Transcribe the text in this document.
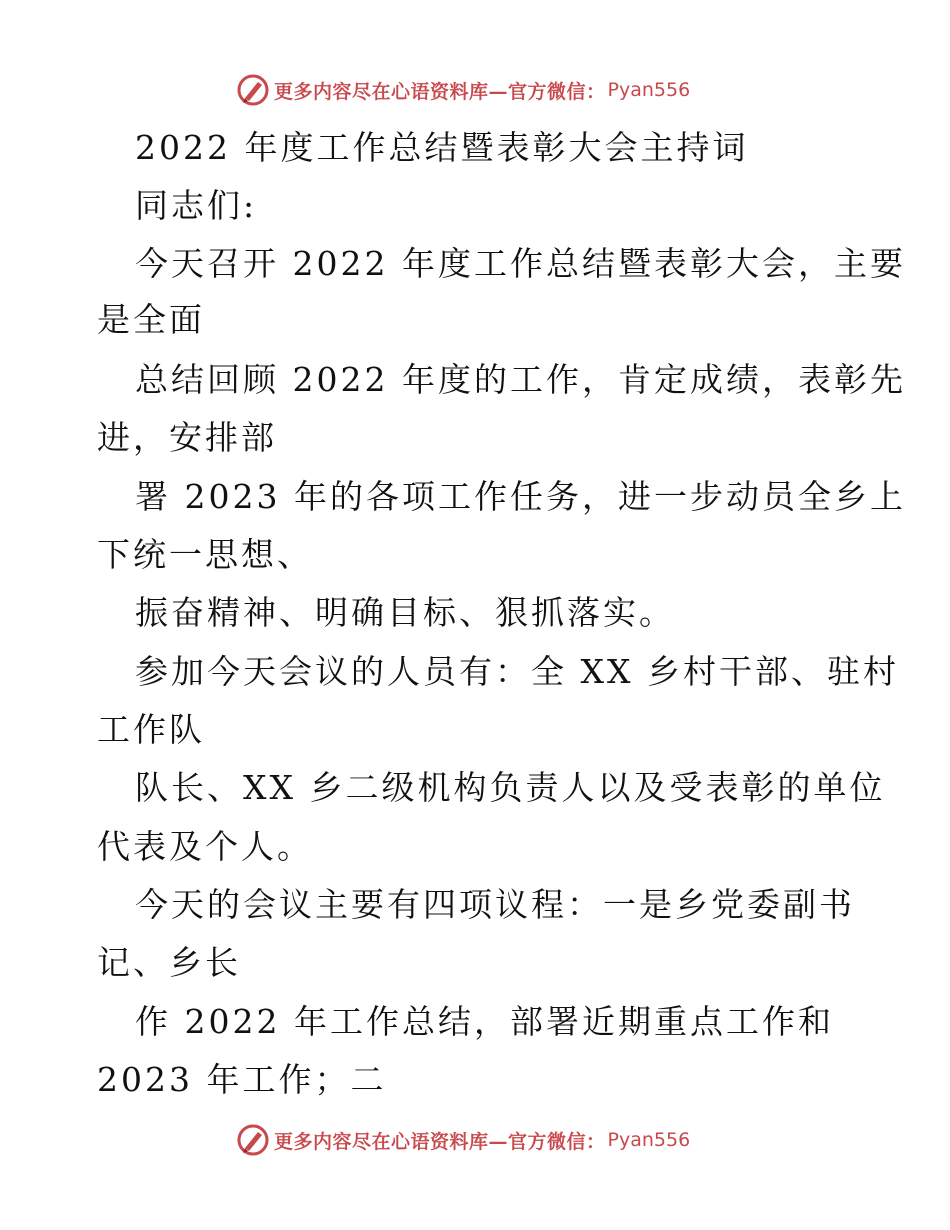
更多内容尽在心语资料库—官方微信： Pyan556
2022 年度工作总结暨表彰大会主持词
同志们:
今天召开 2022 年度工作总结暨表彰大会，主要
是全面
总结回顾 2022 年度的工作，肯定成绩，表彰先
进，安排部
署 2023 年的各项工作任务，进一步动员全乡上
下统一思想、
振奋精神、明确目标、狠抓落实。
参加今天会议的人员有：全 XX 乡村干部、驻村
工作队
队长、XX 乡二级机构负责人以及受表彰的单位
代表及个人。
今天的会议主要有四项议程：一是乡党委副书
记、乡长
作 2022 年工作总结，部署近期重点工作和
2023 年工作；二
更多内容尽在心语资料库—官方微信： Pyan556
